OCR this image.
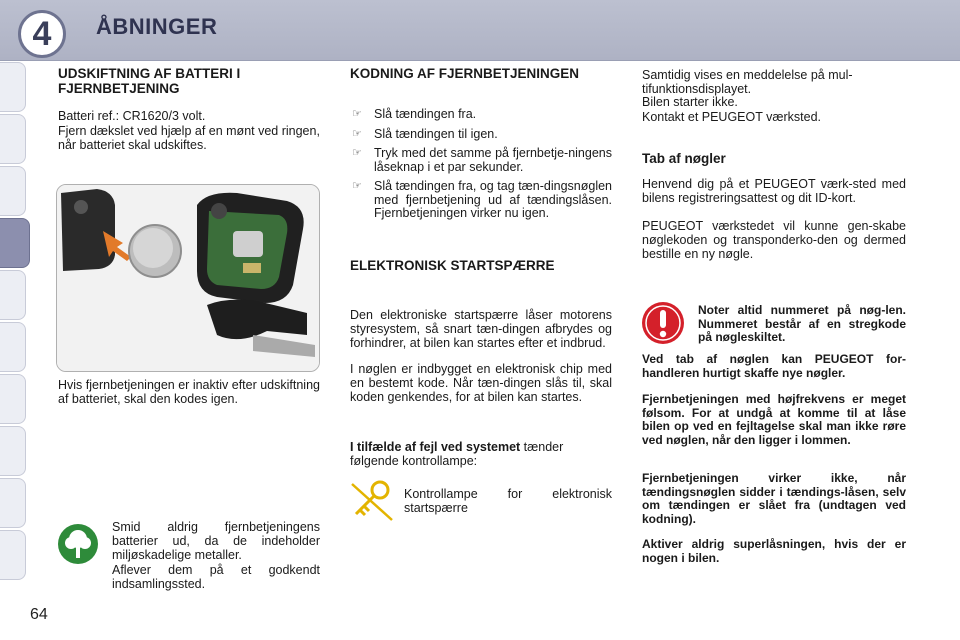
4	ÅBNINGER
64
UDSKIFTNING AF BATTERI I FJERNBETJENING

Batteri ref.: CR1620/3 volt.

Fjern dækslet ved hjælp af en mønt ved ringen, når batteriet skal udskiftes.

Hvis fjernbetjeningen er inaktiv efter udskiftning af batteriet, skal den kodes igen.

Smid aldrig fjernbetjeningens batterier ud, da de indeholder miljøskadelige metaller.

Aflever dem på et godkendt indsamlingssted.

KODNING AF FJERNBETJENINGEN
☞ Slå tændingen fra.
☞ Slå tændingen til igen.
☞ Tryk med det samme på fjernbetje-ningens låseknap i et par sekunder.
☞ Slå tændingen fra, og tag tæn-dingsnøglen med fjernbetjening ud af tændingslåsen. Fjernbetjeningen virker nu igen.
ELEKTRONISK STARTSPÆRRE

Den elektroniske startspærre låser motorens styresystem, så snart tæn-dingen afbrydes og forhindrer, at bilen kan startes efter et indbrud.

I nøglen er indbygget en elektronisk chip med en bestemt kode. Når tæn-dingen slås til, skal koden genkendes, for at bilen kan startes.

I tilfælde af fejl ved systemet tænder følgende kontrollampe:

Kontrollampe for elektronisk startspærre

Samtidig vises en meddelelse på mul-tifunktionsdisplayet.

Bilen starter ikke.

Kontakt et PEUGEOT værksted.

Tab af nøgler

Henvend dig på et PEUGEOT værk-sted med bilens registreringsattest og dit ID-kort.

PEUGEOT værkstedet vil kunne gen-skabe nøglekoden og transponderko-den og dermed bestille en ny nøgle.

Noter altid nummeret på nøg-len. Nummeret består af en stregkode på nøgleskiltet.

Ved tab af nøglen kan PEUGEOT for-handleren hurtigt skaffe nye nøgler.

Fjernbetjeningen med højfrekvens er meget følsom. For at undgå at komme til at låse bilen op ved en fejltagelse skal man ikke røre ved nøglen, når den ligger i lommen.

Fjernbetjeningen virker ikke, når tændingsnøglen sidder i tændings-låsen, selv om tændingen er slået fra (undtagen ved kodning).

Aktiver aldrig superlåsningen, hvis der er nogen i bilen.
